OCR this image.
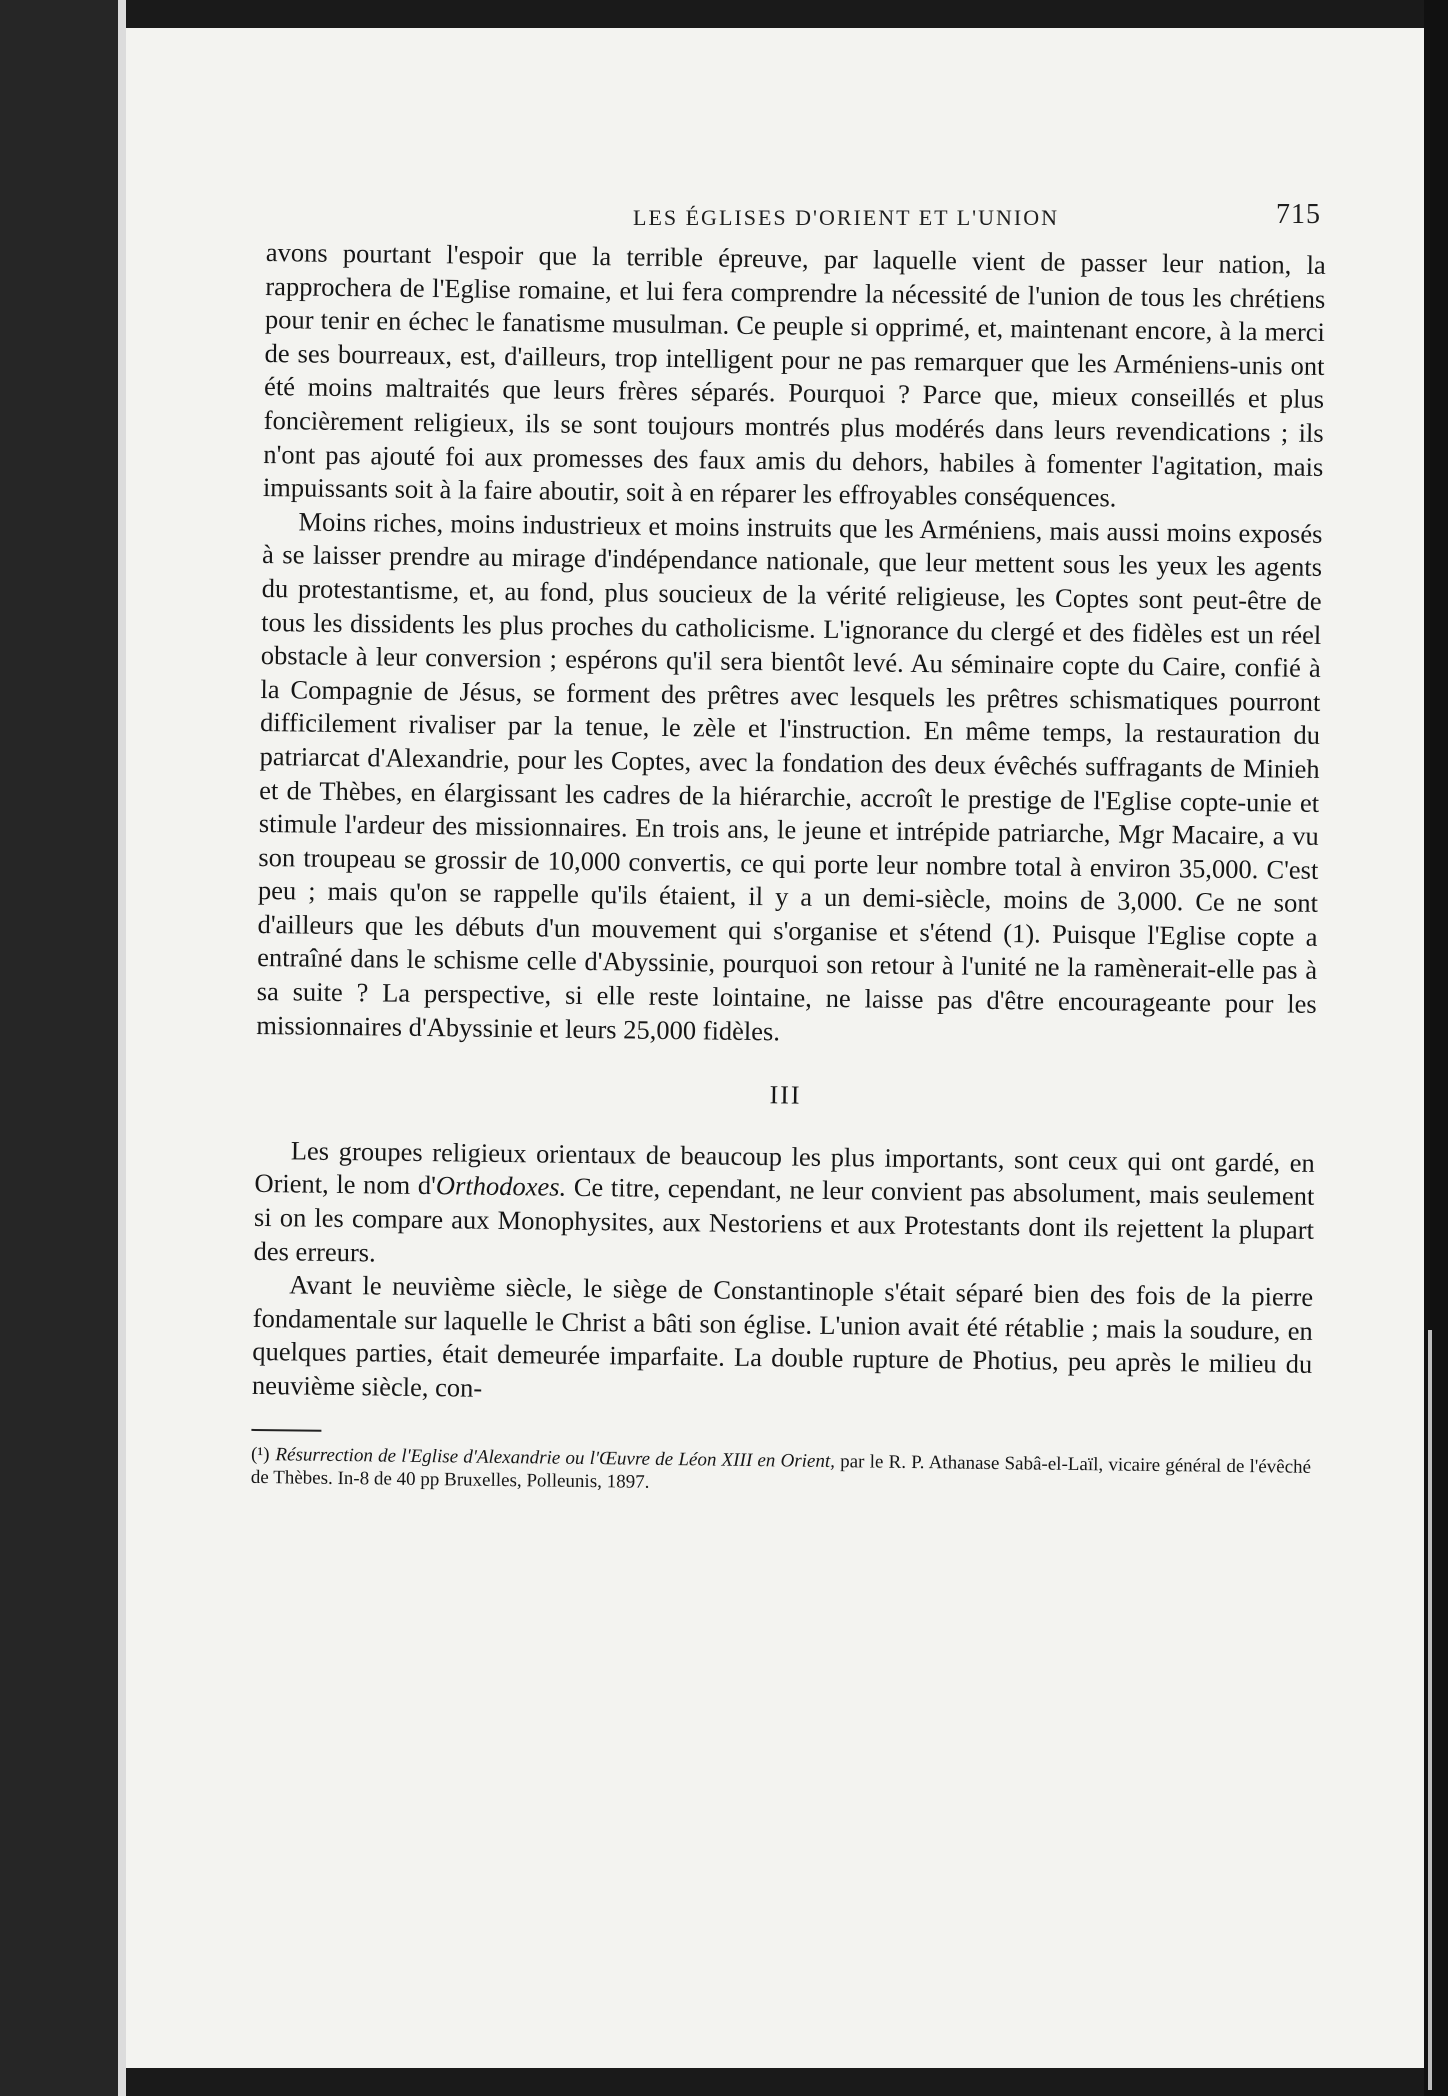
LES ÉGLISES D'ORIENT ET L'UNION	715

avons pourtant l'espoir que la terrible épreuve, par laquelle vient de passer leur nation, la rapprochera de l'Eglise romaine, et lui fera comprendre la nécessité de l'union de tous les chrétiens pour tenir en échec le fanatisme musulman. Ce peuple si opprimé, et, maintenant encore, à la merci de ses bourreaux, est, d'ailleurs, trop intelligent pour ne pas remarquer que les Arméniens-unis ont été moins maltraités que leurs frères séparés. Pourquoi ? Parce que, mieux conseillés et plus foncièrement religieux, ils se sont toujours montrés plus modérés dans leurs revendications ; ils n'ont pas ajouté foi aux promesses des faux amis du dehors, habiles à fomenter l'agitation, mais impuissants soit à la faire aboutir, soit à en réparer les effroyables conséquences.

Moins riches, moins industrieux et moins instruits que les Arméniens, mais aussi moins exposés à se laisser prendre au mirage d'indépendance nationale, que leur mettent sous les yeux les agents du protestantisme, et, au fond, plus soucieux de la vérité religieuse, les Coptes sont peut-être de tous les dissidents les plus proches du catholicisme. L'ignorance du clergé et des fidèles est un réel obstacle à leur conversion ; espérons qu'il sera bientôt levé. Au séminaire copte du Caire, confié à la Compagnie de Jésus, se forment des prêtres avec lesquels les prêtres schismatiques pourront difficilement rivaliser par la tenue, le zèle et l'instruction. En même temps, la restauration du patriarcat d'Alexandrie, pour les Coptes, avec la fondation des deux évêchés suffragants de Minieh et de Thèbes, en élargissant les cadres de la hiérarchie, accroît le prestige de l'Eglise copte-unie et stimule l'ardeur des missionnaires. En trois ans, le jeune et intrépide patriarche, Mgr Macaire, a vu son troupeau se grossir de 10,000 convertis, ce qui porte leur nombre total à environ 35,000. C'est peu ; mais qu'on se rappelle qu'ils étaient, il y a un demi-siècle, moins de 3,000. Ce ne sont d'ailleurs que les débuts d'un mouvement qui s'organise et s'étend (1). Puisque l'Eglise copte a entraîné dans le schisme celle d'Abyssinie, pourquoi son retour à l'unité ne la ramènerait-elle pas à sa suite ? La perspective, si elle reste lointaine, ne laisse pas d'être encourageante pour les missionnaires d'Abyssinie et leurs 25,000 fidèles.

III

Les groupes religieux orientaux de beaucoup les plus importants, sont ceux qui ont gardé, en Orient, le nom d'Orthodoxes. Ce titre, cependant, ne leur convient pas absolument, mais seulement si on les compare aux Monophysites, aux Nestoriens et aux Protestants dont ils rejettent la plupart des erreurs.

Avant le neuvième siècle, le siège de Constantinople s'était séparé bien des fois de la pierre fondamentale sur laquelle le Christ a bâti son église. L'union avait été rétablie ; mais la soudure, en quelques parties, était demeurée imparfaite. La double rupture de Photius, peu après le milieu du neuvième siècle, con-

(¹) Résurrection de l'Eglise d'Alexandrie ou l'Œuvre de Léon XIII en Orient, par le R. P. Athanase Sabâ-el-Laïl, vicaire général de l'évêché de Thèbes. In-8 de 40 pp Bruxelles, Polleunis, 1897.
